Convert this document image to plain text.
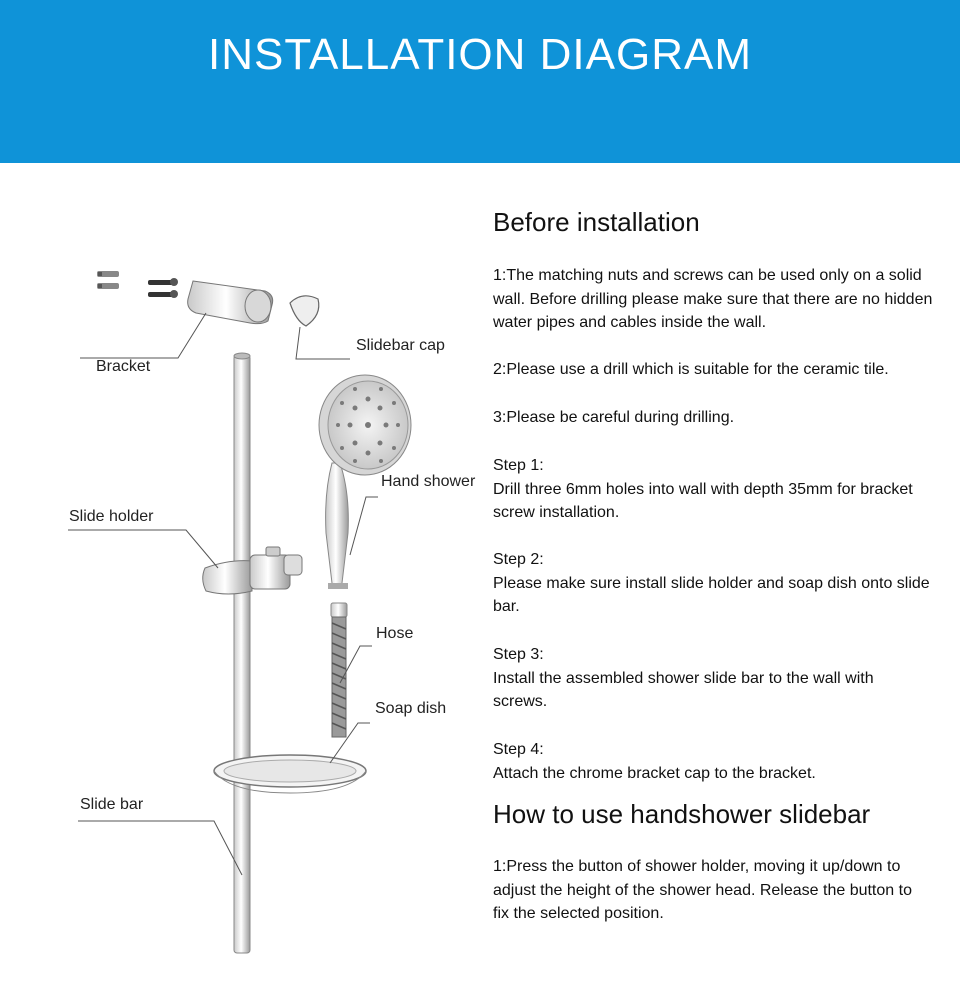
INSTALLATION DIAGRAM
Bracket
Slidebar cap
Hand shower
Slide holder
Hose
Soap dish
Slide bar
Before installation
1:The matching nuts and screws can be used only on a solid wall. Before drilling please make sure that there are no hidden water pipes and cables inside the wall.
2:Please use a drill which is suitable for the ceramic tile.
3:Please be careful during drilling.
Step 1:
Drill three 6mm holes into wall with depth 35mm for bracket screw installation.
Step 2:
Please make sure install slide holder and soap dish onto slide bar.
Step 3:
Install the assembled shower slide bar to the wall with screws.
Step 4:
Attach the chrome bracket cap to the bracket.
How to use handshower slidebar
1:Press the button of shower holder, moving it up/down to adjust the height of the shower head. Release the button to fix the selected position.
